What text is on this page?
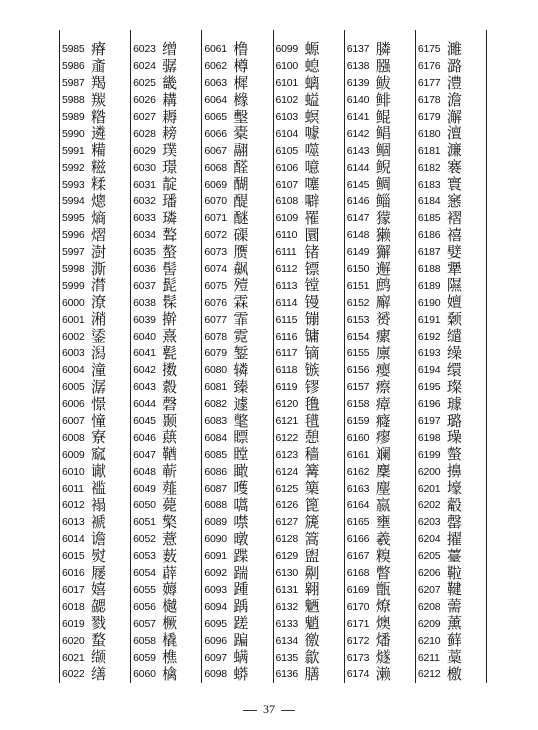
5985 瘠
5986 齑
5987 羯
5988 羰
5989 糌
5990 遴
5991 糒
5992 糍
5993 糅
5994 熜
5995 熵
5996 熠
5997 澍
5998 澌
5999 潸
6000 潦
6001 潲
6002 鋈
6003 潟
6004 潼
6005 潺
6006 憬
6007 憧
6008 寮
6009 窳
6010 谳
6011 褴
6012 褟
6013 褫
6014 谵
6015 熨
6016 屦
6017 嬉
6018 勰
6019 戮
6020 蝥
6021 缬
6022 缮
6023 缯
6024 骣
6025 畿
6026 耩
6027 耨
6028 耪
6029 璞
6030 璟
6031 靛
6032 璠
6033 璘
6034 聱
6035 螯
6036 髻
6037 髭
6038 髹
6039 擀
6040 熹
6041 甏
6042 擞
6043 縠
6044 磬
6045 颞
6046 蕻
6047 鞧
6048 蕲
6049 薤
6050 薨
6051 檠
6052 薏
6053 薮
6054 薜
6055 薅
6056 樾
6057 橛
6058 橇
6059 樵
6060 檎
6061 橹
6062 樽
6063 樨
6064 橼
6065 墼
6066 橐
6067 翮
6068 醛
6069 醐
6070 醍
6071 醚
6072 磲
6073 赝
6074 飙
6075 殪
6076 霖
6077 霏
6078 霓
6079 錾
6080 辚
6081 臻
6082 遽
6083 氅
6084 瞟
6085 瞠
6086 瞰
6087 嚄
6088 嚆
6089 噤
6090 暾
6091 蹀
6092 踹
6093 踵
6094 踽
6095 蹉
6096 蹁
6097 螨
6098 蟒
6099 螈
6100 螅
6101 螭
6102 螠
6103 螟
6104 噱
6105 噬
6106 噫
6107 噻
6108 噼
6109 罹
6110 圜
6111 锗
6112 镖
6113 镗
6114 镘
6115 镚
6116 镛
6117 镝
6118 镞
6119 镠
6120 氇
6121 氆
6122 憩
6123 穑
6124 篝
6125 篥
6126 篦
6127 篪
6128 篙
6129 盥
6130 劓
6131 翱
6132 魉
6133 魈
6134 徼
6135 歙
6136 膳
6137 膦
6138 膙
6139 鲅
6140 鲱
6141 鲲
6142 鲳
6143 鲴
6144 鲵
6145 鲷
6146 鲻
6147 獴
6148 獭
6149 獬
6150 邂
6151 鹧
6152 廨
6153 赟
6154 瘰
6155 廪
6156 瘿
6157 瘵
6158 瘴
6159 癃
6160 瘳
6161 斓
6162 麇
6163 麈
6164 嬴
6165 壅
6166 羲
6167 糗
6168 瞥
6169 甑
6170 燎
6171 燠
6172 燔
6173 燧
6174 濑
6175 濉
6176 潞
6177 澧
6178 澹
6179 澥
6180 澶
6181 濂
6182 褰
6183 寰
6184 窸
6185 褶
6186 禧
6187 嬖
6188 犟
6189 隰
6190 嬗
6191 颡
6192 缱
6193 缲
6194 缳
6195 璨
6196 璩
6197 璐
6198 璪
6199 螫
6200 擤
6201 壕
6202 觳
6203 罄
6204 擢
6205 薹
6206 鞡
6207 鞬
6208 薷
6209 薰
6210 藓
6211 藁
6212 檄
37
